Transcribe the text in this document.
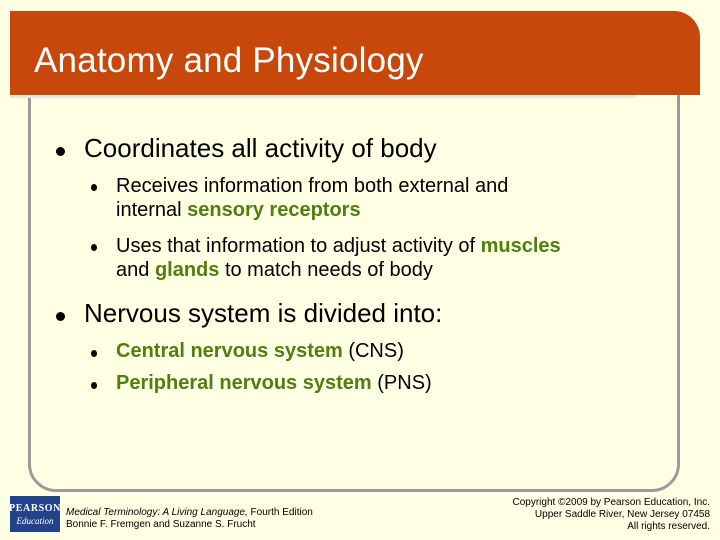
Anatomy and Physiology
Coordinates all activity of body
Receives information from both external and
internal sensory receptors
Uses that information to adjust activity of muscles
and glands to match needs of body
Nervous system is divided into:
Central nervous system (CNS)
Peripheral nervous system (PNS)
PEARSON
Education
Medical Terminology: A Living Language, Fourth Edition
Bonnie F. Fremgen and Suzanne S. Frucht
Copyright ©2009 by Pearson Education, Inc.
Upper Saddle River, New Jersey 07458
All rights reserved.
